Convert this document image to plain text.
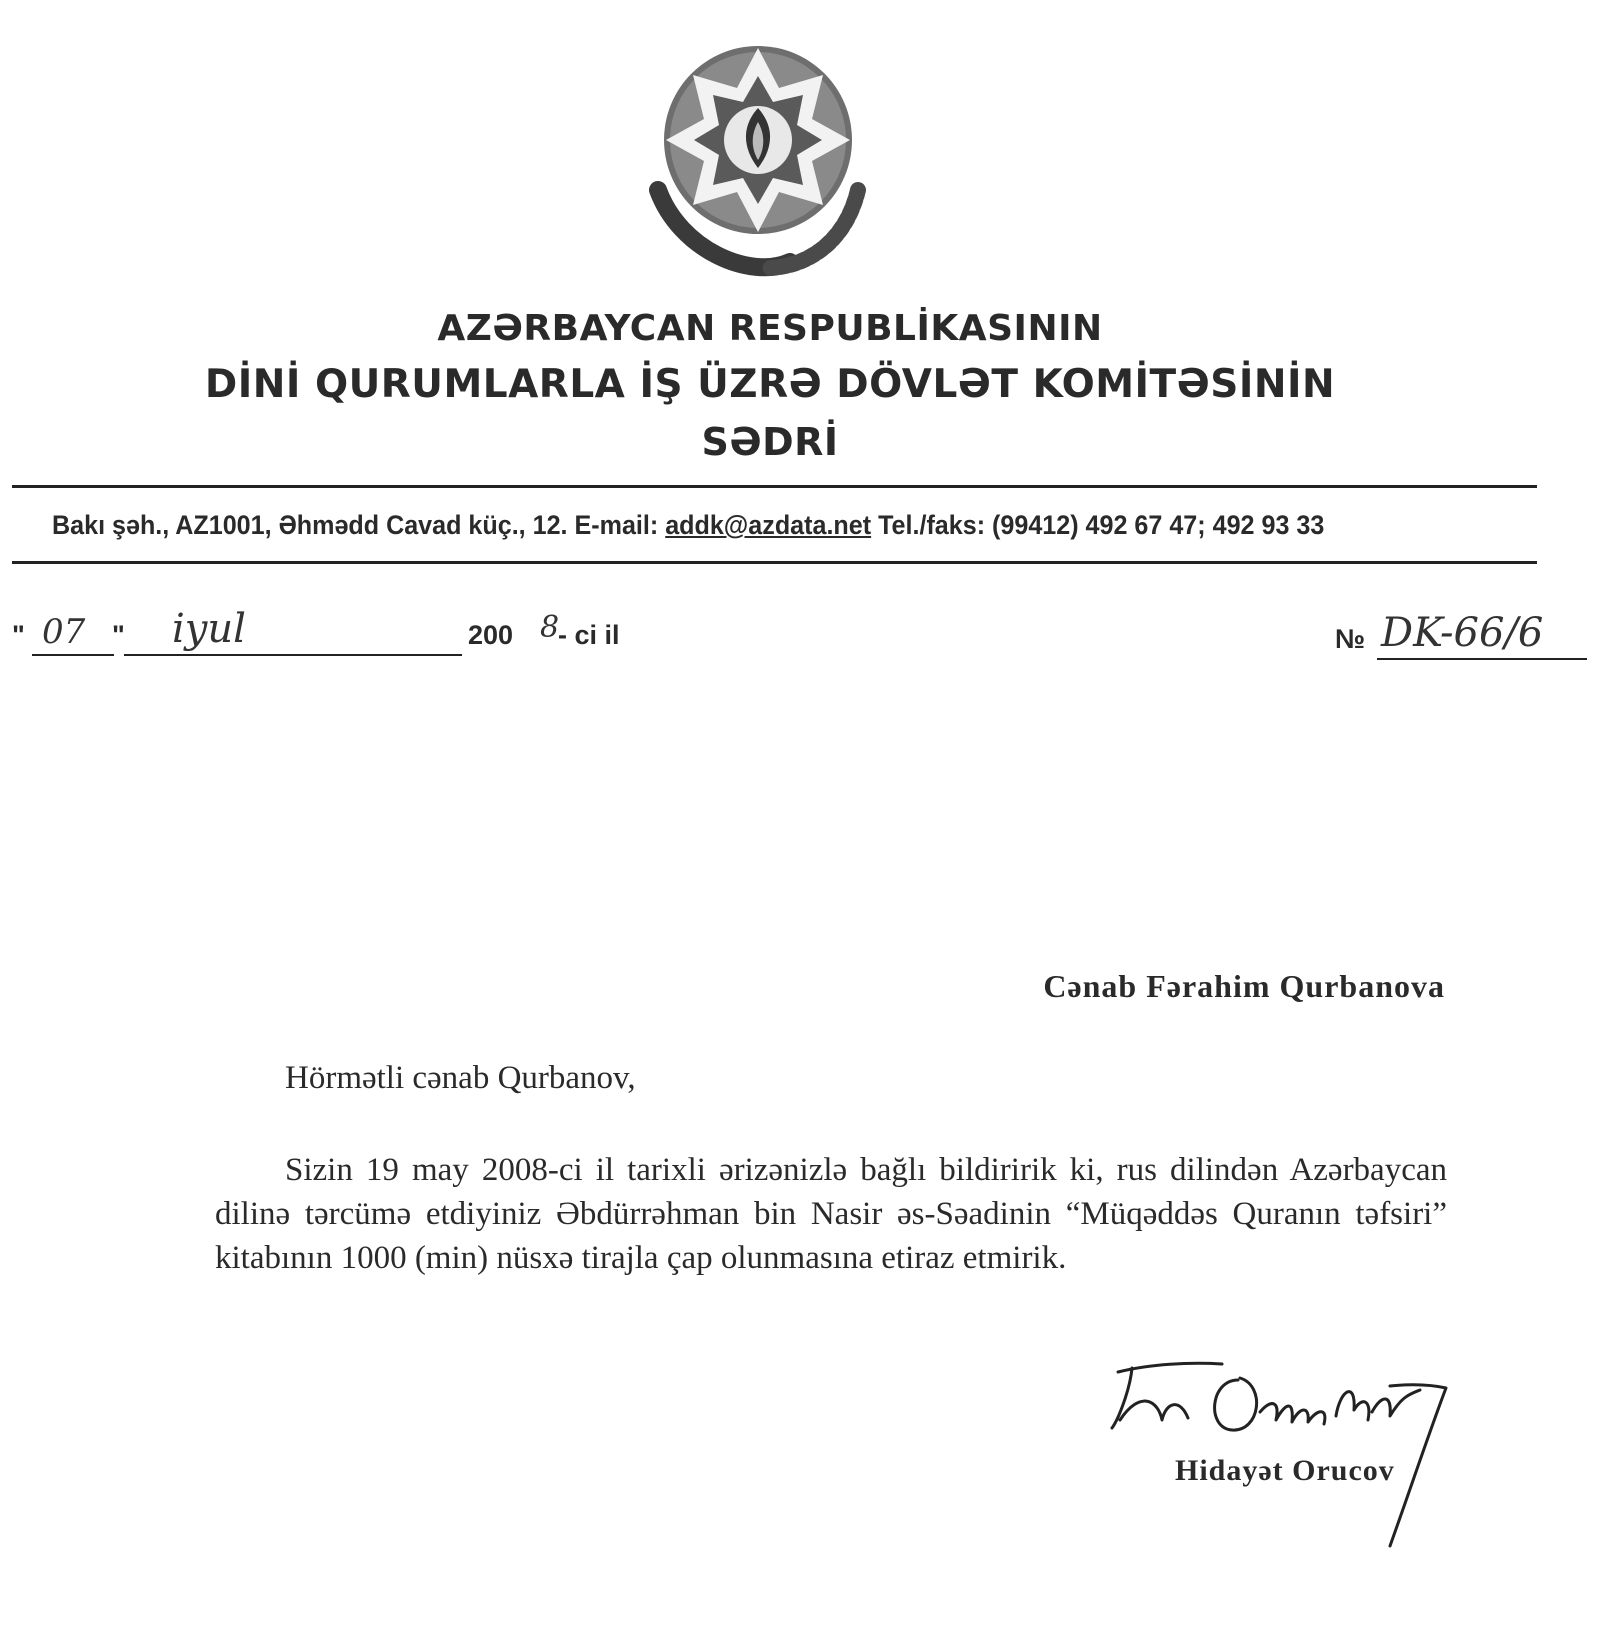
AZƏRBAYCAN RESPUBLİKASININ
DİNİ QURUMLARLA İŞ ÜZRƏ DÖVLƏT KOMİTƏSİNİN
SƏDRİ
Bakı şəh., AZ1001, Əhmədd Cavad küç., 12. E-mail: addk@azdata.net Tel./faks: (99412) 492 67 47; 492 93 33
" 07 " iyul	200 8
- ci il	№ DK-66/6
Cənab Fərahim Qurbanova
Hörmətli cənab Qurbanov,
Sizin 19 may 2008-ci il tarixli ərizənizlə bağlı bildiririk ki, rus dilindən Azərbaycan dilinə tərcümə etdiyiniz Əbdürrəhman bin Nasir əs-Səadinin “Müqəddəs Quranın təfsiri” kitabının 1000 (min) nüsxə tirajla çap olunmasına etiraz etmirik.
Hidayət Orucov
